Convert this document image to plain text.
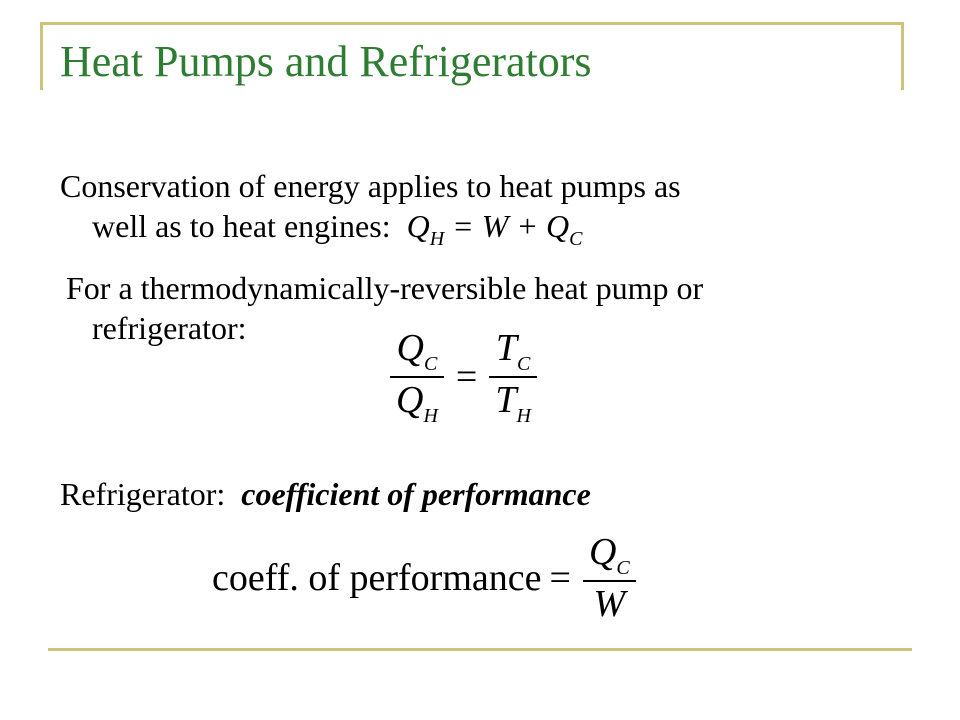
Heat Pumps and Refrigerators
Conservation of energy applies to heat pumps as
well as to heat engines: $Q_H = W + Q_C$
For a thermodynamically-reversible heat pump or
refrigerator:	$\frac{Q_C}{Q_H} = \frac{T_C}{T_H}$
Refrigerator: coefficient of performance
coeff. of performance = $\frac{Q_C}{W}$
